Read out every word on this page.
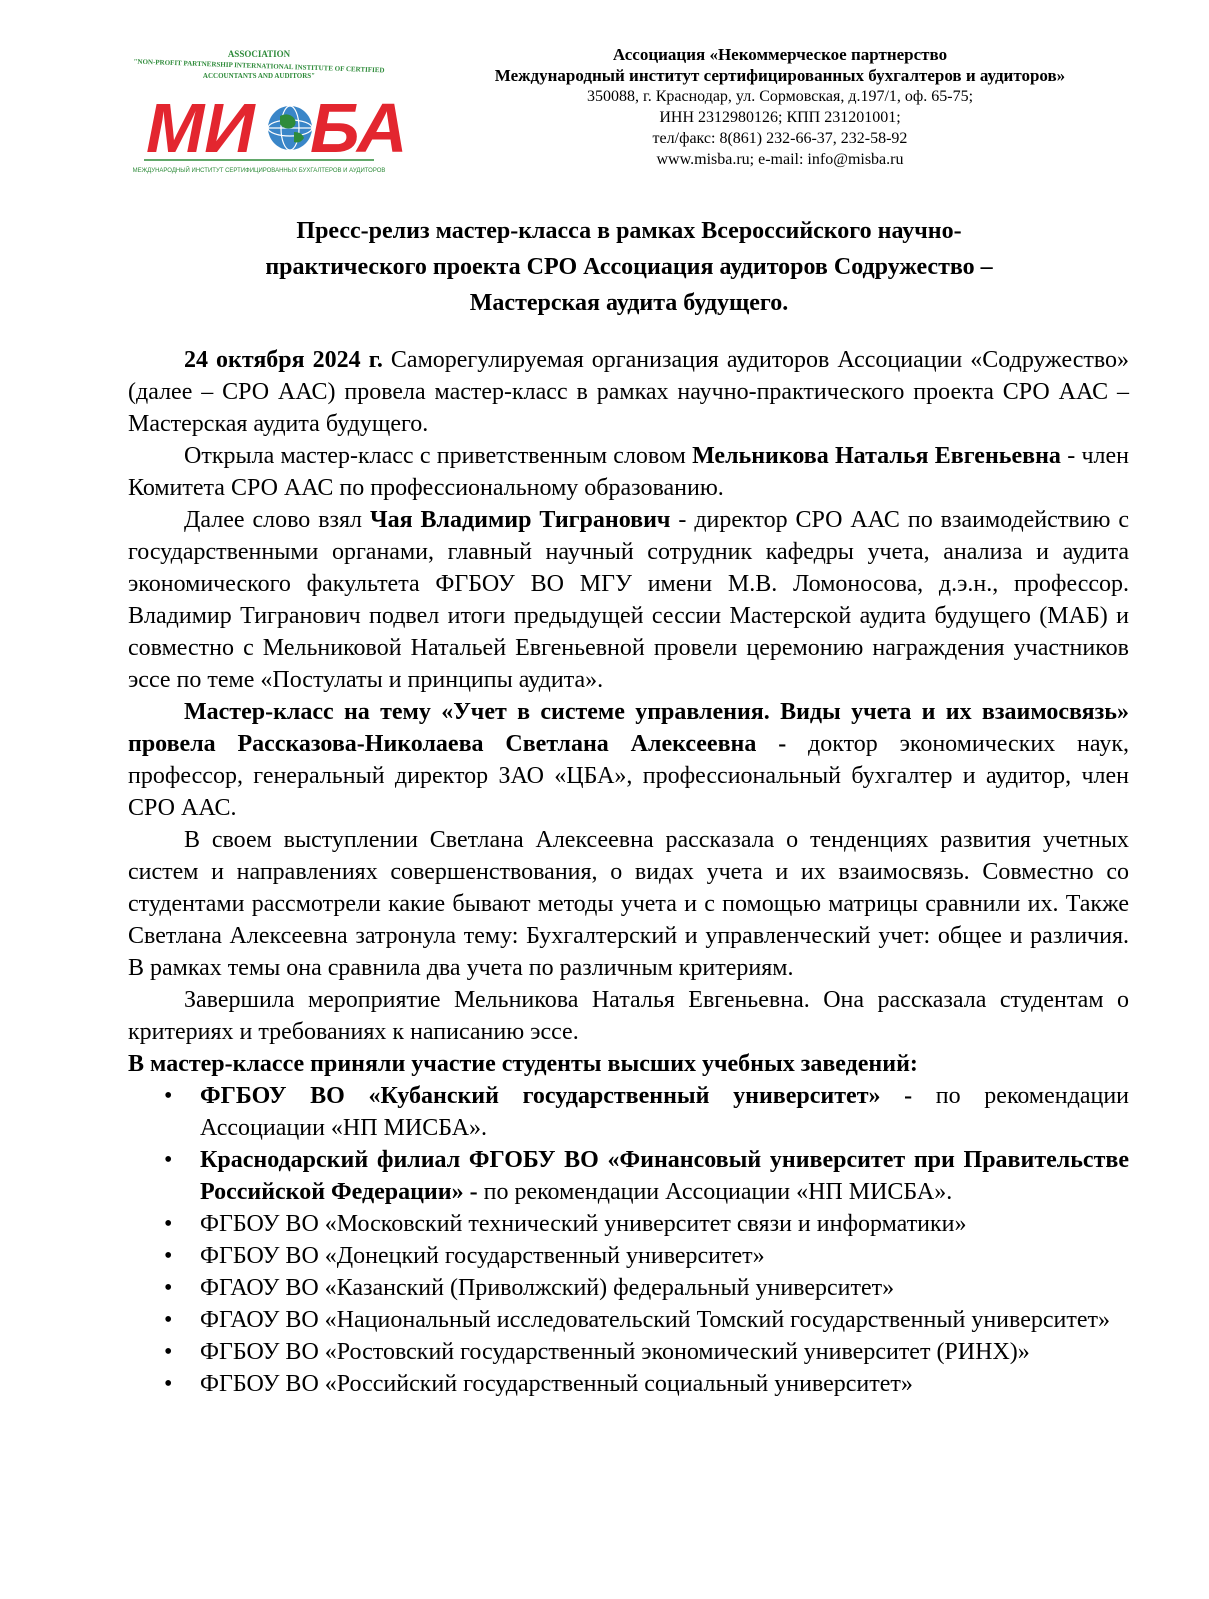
ASSOCIATION
"NON-PROFIT PARTNERSHIP INTERNATIONAL INSTITUTE OF CERTIFIED
ACCOUNTANTS AND AUDITORS"
МИ БА
МЕЖДУНАРОДНЫЙ ИНСТИТУТ СЕРТИФИЦИРОВАННЫХ БУХГАЛТЕРОВ И АУДИТОРОВ
Ассоциация «Некоммерческое партнерство
Международный институт сертифицированных бухгалтеров и аудиторов»
350088, г. Краснодар, ул. Сормовская, д.197/1, оф. 65-75;
ИНН 2312980126; КПП 231201001;
тел/факс: 8(861) 232-66-37, 232-58-92
www.misba.ru; e-mail: info@misba.ru
Пресс-релиз мастер-класса в рамках Всероссийского научно-
практического проекта СРО Ассоциация аудиторов Содружество –
Мастерская аудита будущего.

24 октября 2024 г. Саморегулируемая организация аудиторов Ассоциации «Содружество» (далее – СРО ААС) провела мастер-класс в рамках научно-практического проекта СРО ААС – Мастерская аудита будущего.

Открыла мастер-класс с приветственным словом Мельникова Наталья Евгеньевна - член Комитета СРО ААС по профессиональному образованию.

Далее слово взял Чая Владимир Тигранович - директор СРО ААС по взаимодействию с государственными органами, главный научный сотрудник кафедры учета, анализа и аудита экономического факультета ФГБОУ ВО МГУ имени М.В. Ломоносова, д.э.н., профессор. Владимир Тигранович подвел итоги предыдущей сессии Мастерской аудита будущего (МАБ) и совместно с Мельниковой Натальей Евгеньевной провели церемонию награждения участников эссе по теме «Постулаты и принципы аудита».

Мастер-класс на тему «Учет в системе управления. Виды учета и их взаимосвязь» провела Рассказова-Николаева Светлана Алексеевна - доктор экономических наук, профессор, генеральный директор ЗАО «ЦБА», профессиональный бухгалтер и аудитор, член СРО ААС.

В своем выступлении Светлана Алексеевна рассказала о тенденциях развития учетных систем и направлениях совершенствования, о видах учета и их взаимосвязь. Совместно со студентами рассмотрели какие бывают методы учета и с помощью матрицы сравнили их. Также Светлана Алексеевна затронула тему: Бухгалтерский и управленческий учет: общее и различия. В рамках темы она сравнила два учета по различным критериям.

Завершила мероприятие Мельникова Наталья Евгеньевна. Она рассказала студентам о критериях и требованиях к написанию эссе.

В мастер-классе приняли участие студенты высших учебных заведений:

• ФГБОУ ВО «Кубанский государственный университет» - по рекомендации Ассоциации «НП МИСБА».
• Краснодарский филиал ФГОБУ ВО «Финансовый университет при Правительстве Российской Федерации» - по рекомендации Ассоциации «НП МИСБА».
• ФГБОУ ВО «Московский технический университет связи и информатики»
• ФГБОУ ВО «Донецкий государственный университет»
• ФГАОУ ВО «Казанский (Приволжский) федеральный университет»
• ФГАОУ ВО «Национальный исследовательский Томский государственный университет»
• ФГБОУ ВО «Ростовский государственный экономический университет (РИНХ)»
• ФГБОУ ВО «Российский государственный социальный университет»
